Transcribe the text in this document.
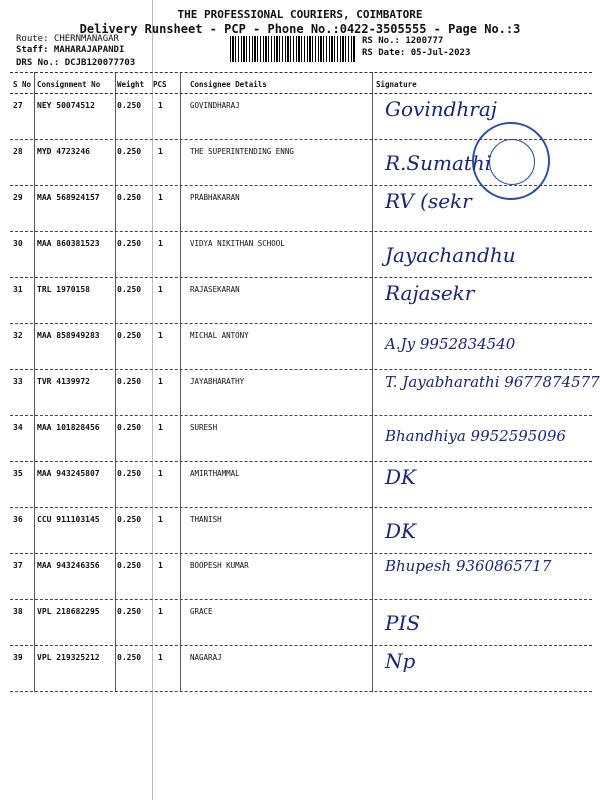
THE PROFESSIONAL COURIERS, COIMBATORE
Delivery Runsheet - PCP - Phone No.:0422-3505555 - Page No.:3
Route: CHERNMANAGAR
Staff: MAHARAJAPANDI
DRS No.: DCJB120077703
RS No.: 1200777
RS Date: 05-Jul-2023
S No Consignment No Weight PCS	Consignee Details	Signature
27 NEY 50074512	0.250 1	GOVINDHARAJ	Govindhraj
28 MYD 4723246	0.250 1	THE SUPERINTENDING ENNG	R.Sumathi
29 MAA 568924157 0.250 1	PRABHAKARAN	RV (sekr
30 MAA 860381523 0.250 1	VIDYA NIKITHAN SCHOOL	Jayachandhu
31 TRL 1970158	0.250 1	RAJASEKARAN	Rajasekr
32 MAA 858949283 0.250 1	MICHAL ANTONY	A.Jy 9952834540
33 TVR 4139972	0.250 1	JAYABHARATHY	T. Jayabharathi 9677874577
34 MAA 101828456 0.250 1	SURESH	Bhandhiya 9952595096
35 MAA 943245807 0.250 1	AMIRTHAMMAL	DK
36 CCU 911103145 0.250 1	THANISH	DK
37 MAA 943246356 0.250 1	BOOPESH KUMAR	Bhupesh 9360865717
38 VPL 218682295 0.250 1	GRACE	PIS
39 VPL 219325212 0.250 1	NAGARAJ	Np
